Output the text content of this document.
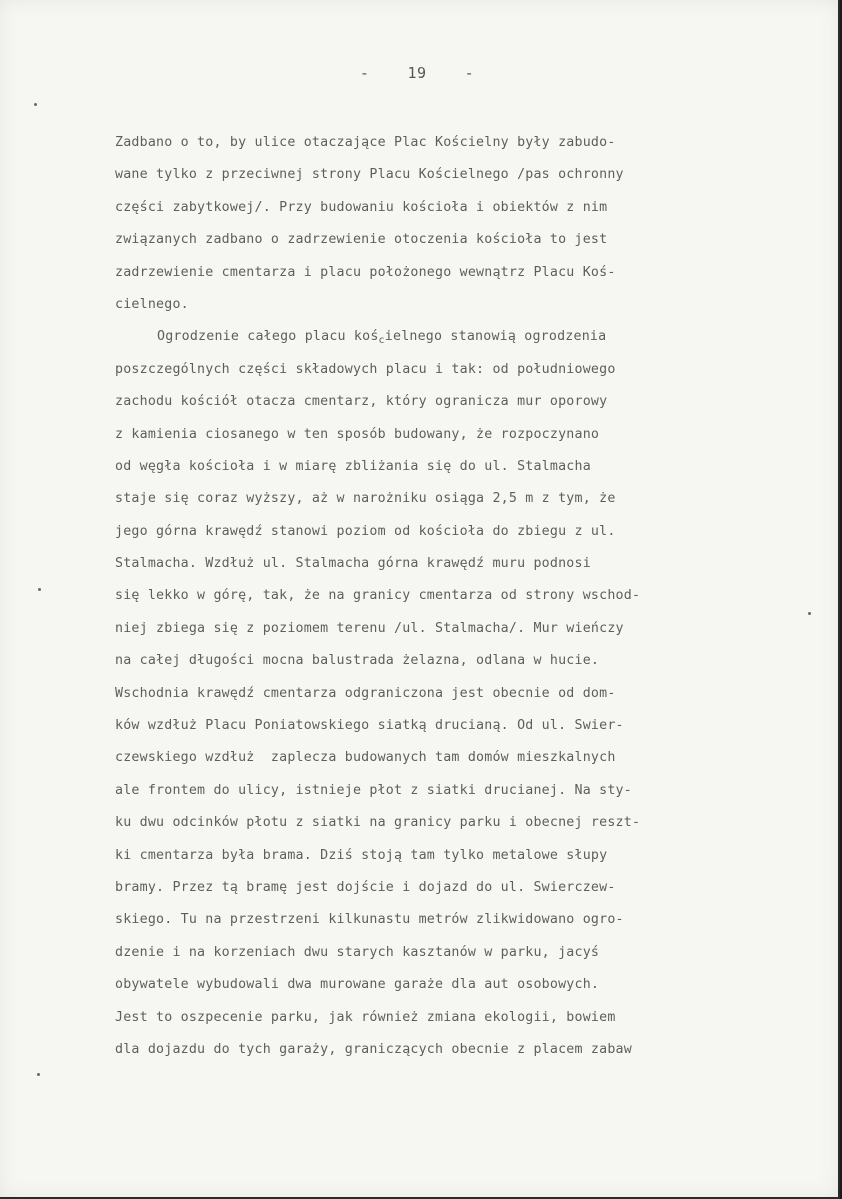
-    19    -
Zadbano o to, by ulice otaczające Plac Kościelny były zabudo-
wane tylko z przeciwnej strony Placu Kościelnego /pas ochronny
części zabytkowej/. Przy budowaniu kościoła i obiektów z nim
związanych zadbano o zadrzewienie otoczenia kościoła to jest
zadrzewienie cmentarza i placu położonego wewnątrz Placu Koś-
cielnego.
Ogrodzenie całego placu koś$_c$ielnego stanowią ogrodzenia
poszczególnych części składowych placu i tak: od południowego
zachodu kościół otacza cmentarz, który ogranicza mur oporowy
z kamienia ciosanego w ten sposób budowany, że rozpoczynano
od węgła kościoła i w miarę zbliżania się do ul. Stalmacha
staje się coraz wyższy, aż w narożniku osiąga 2,5 m z tym, że
jego górna krawędź stanowi poziom od kościoła do zbiegu z ul.
Stalmacha. Wzdłuż ul. Stalmacha górna krawędź muru podnosi
się lekko w górę, tak, że na granicy cmentarza od strony wschod-
niej zbiega się z poziomem terenu /ul. Stalmacha/. Mur wieńczy
na całej długości mocna balustrada żelazna, odlana w hucie.
Wschodnia krawędź cmentarza odgraniczona jest obecnie od dom-
ków wzdłuż Placu Poniatowskiego siatką drucianą. Od ul. Swier-
czewskiego wzdłuż  zaplecza budowanych tam domów mieszkalnych
ale frontem do ulicy, istnieje płot z siatki drucianej. Na sty-
ku dwu odcinków płotu z siatki na granicy parku i obecnej reszt-
ki cmentarza była brama. Dziś stoją tam tylko metalowe słupy
bramy. Przez tą bramę jest dojście i dojazd do ul. Swierczew-
skiego. Tu na przestrzeni kilkunastu metrów zlikwidowano ogro-
dzenie i na korzeniach dwu starych kasztanów w parku, jacyś
obywatele wybudowali dwa murowane garaże dla aut osobowych.
Jest to oszpecenie parku, jak również zmiana ekologii, bowiem
dla dojazdu do tych garaży, graniczących obecnie z placem zabaw
